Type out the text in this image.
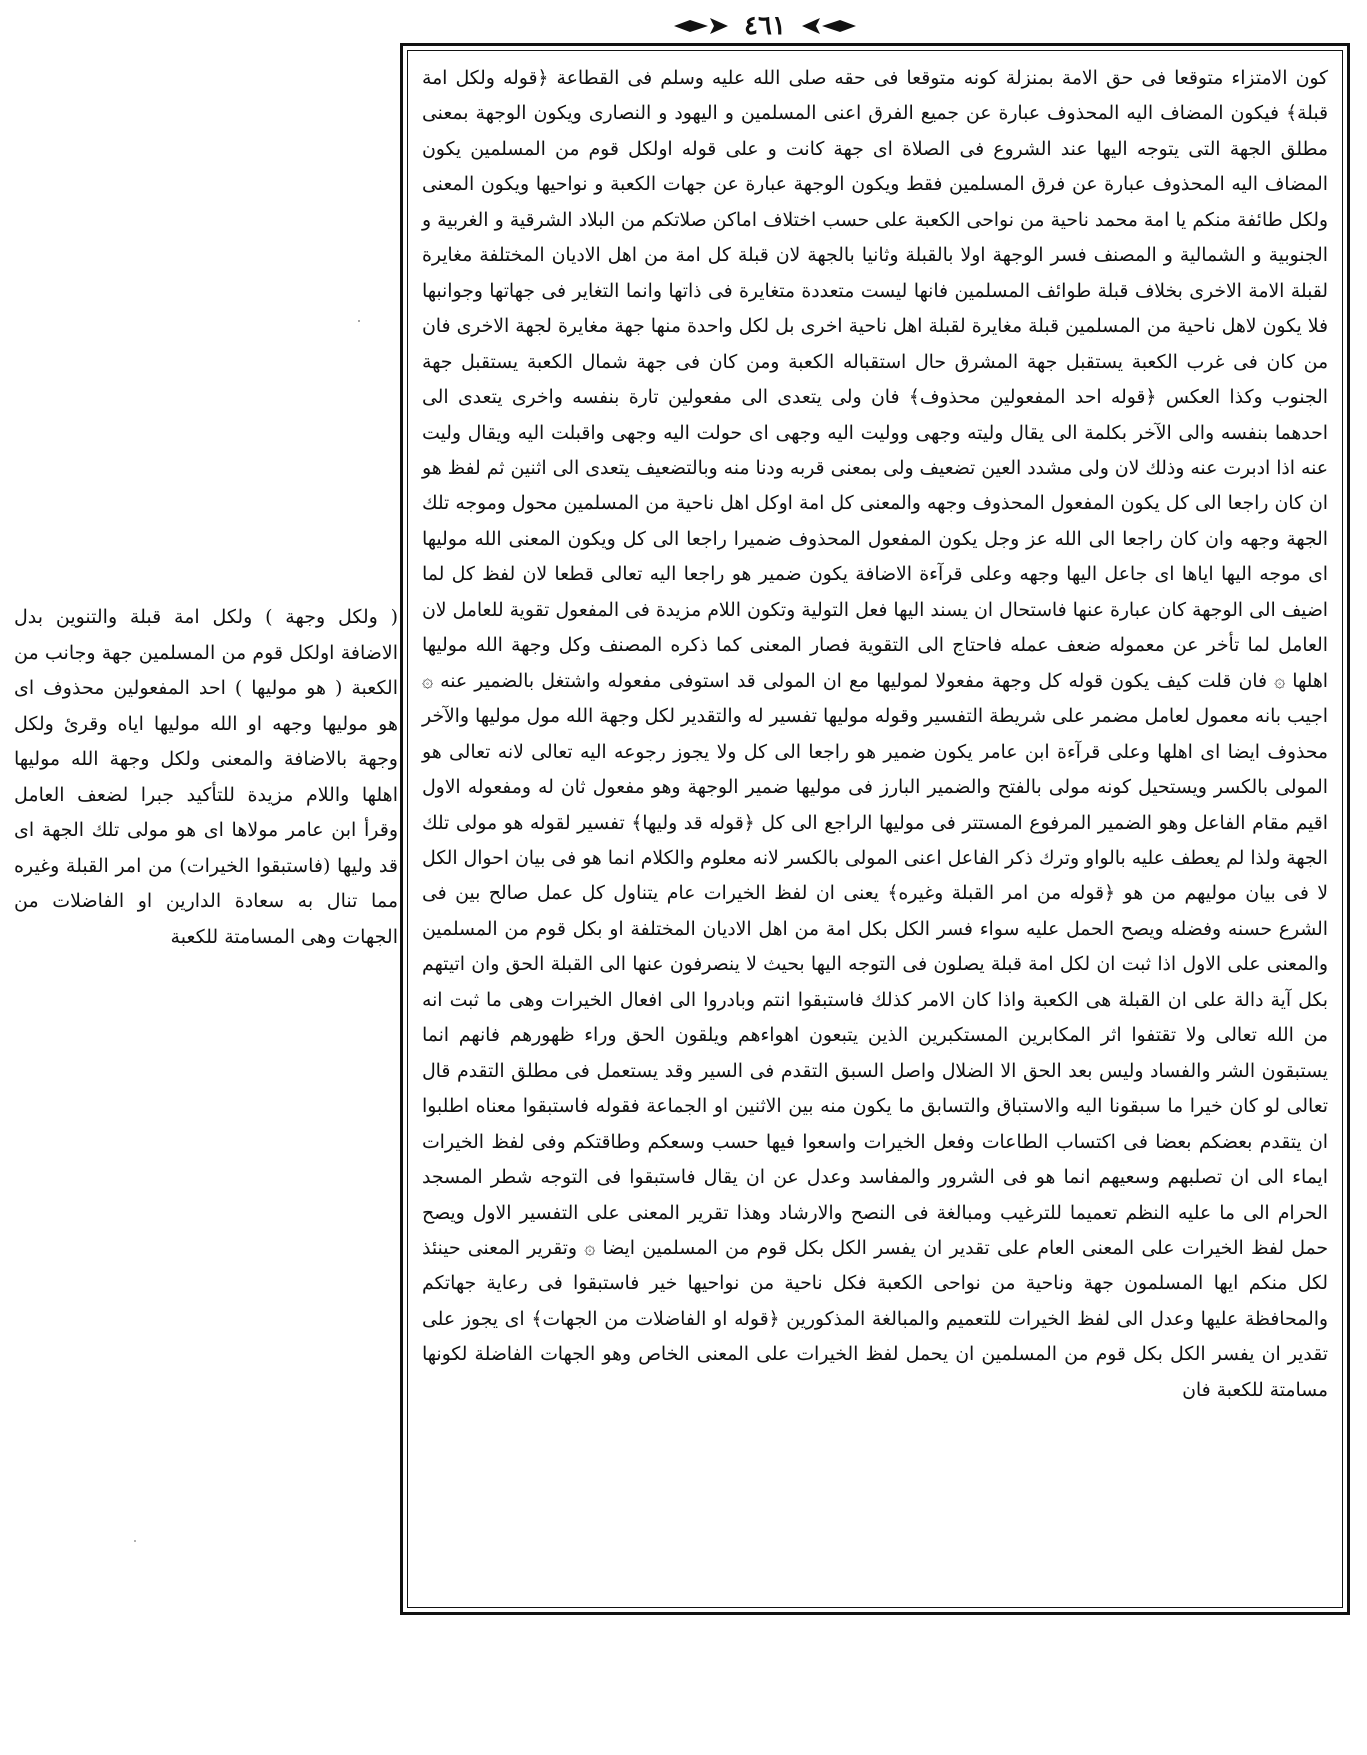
٤٦١

كون الامتزاء متوقعا فى حق الامة بمنزلة كونه متوقعا فى حقه صلى الله عليه وسلم فى القطاعة ﴿قوله ولكل امة قبلة﴾ فيكون المضاف اليه المحذوف عبارة عن جميع الفرق اعنى المسلمين و اليهود و النصارى ويكون الوجهة بمعنى مطلق الجهة التى يتوجه اليها عند الشروع فى الصلاة اى جهة كانت و على قوله اولكل قوم من المسلمين يكون المضاف اليه المحذوف عبارة عن فرق المسلمين فقط ويكون الوجهة عبارة عن جهات الكعبة و نواحيها ويكون المعنى ولكل طائفة منكم يا امة محمد ناحية من نواحى الكعبة على حسب اختلاف اماكن صلاتكم من البلاد الشرقية و الغربية و الجنوبية و الشمالية و المصنف فسر الوجهة اولا بالقبلة وثانيا بالجهة لان قبلة كل امة من اهل الاديان المختلفة مغايرة لقبلة الامة الاخرى بخلاف قبلة طوائف المسلمين فانها ليست متعددة متغايرة فى ذاتها وانما التغاير فى جهاتها وجوانبها فلا يكون لاهل ناحية من المسلمين قبلة مغايرة لقبلة اهل ناحية اخرى بل لكل واحدة منها جهة مغايرة لجهة الاخرى فان من كان فى غرب الكعبة يستقبل جهة المشرق حال استقباله الكعبة ومن كان فى جهة شمال الكعبة يستقبل جهة الجنوب وكذا العكس ﴿قوله احد المفعولين محذوف﴾ فان ولى يتعدى الى مفعولين تارة بنفسه واخرى يتعدى الى احدهما بنفسه والى الآخر بكلمة الى يقال وليته وجهى ووليت اليه وجهى اى حولت اليه وجهى واقبلت اليه ويقال وليت عنه اذا ادبرت عنه وذلك لان ولى مشدد العين تضعيف ولى بمعنى قربه ودنا منه وبالتضعيف يتعدى الى اثنين ثم لفظ هو ان كان راجعا الى كل يكون المفعول المحذوف وجهه والمعنى كل امة اوكل اهل ناحية من المسلمين محول وموجه تلك الجهة وجهه وان كان راجعا الى الله عز وجل يكون المفعول المحذوف ضميرا راجعا الى كل ويكون المعنى الله موليها اى موجه اليها اياها اى جاعل اليها وجهه وعلى قرآءة الاضافة يكون ضمير هو راجعا اليه تعالى قطعا لان لفظ كل لما اضيف الى الوجهة كان عبارة عنها فاستحال ان يسند اليها فعل التولية وتكون اللام مزيدة فى المفعول تقوية للعامل لان العامل لما تأخر عن معموله ضعف عمله فاحتاج الى التقوية فصار المعنى كما ذكره المصنف وكل وجهة الله موليها اهلها ۞ فان قلت كيف يكون قوله كل وجهة مفعولا لموليها مع ان المولى قد استوفى مفعوله واشتغل بالضمير عنه ۞ اجيب بانه معمول لعامل مضمر على شريطة التفسير وقوله موليها تفسير له والتقدير لكل وجهة الله مول موليها والآخر محذوف ايضا اى اهلها وعلى قرآءة ابن عامر يكون ضمير هو راجعا الى كل ولا يجوز رجوعه اليه تعالى لانه تعالى هو المولى بالكسر ويستحيل كونه مولى بالفتح والضمير البارز فى موليها ضمير الوجهة وهو مفعول ثان له ومفعوله الاول اقيم مقام الفاعل وهو الضمير المرفوع المستتر فى موليها الراجع الى كل ﴿قوله قد وليها﴾ تفسير لقوله هو مولى تلك الجهة ولذا لم يعطف عليه بالواو وترك ذكر الفاعل اعنى المولى بالكسر لانه معلوم والكلام انما هو فى بيان احوال الكل لا فى بيان موليهم من هو ﴿قوله من امر القبلة وغيره﴾ يعنى ان لفظ الخيرات عام يتناول كل عمل صالح بين فى الشرع حسنه وفضله ويصح الحمل عليه سواء فسر الكل بكل امة من اهل الاديان المختلفة او بكل قوم من المسلمين والمعنى على الاول اذا ثبت ان لكل امة قبلة يصلون فى التوجه اليها بحيث لا ينصرفون عنها الى القبلة الحق وان اتيتهم بكل آية دالة على ان القبلة هى الكعبة واذا كان الامر كذلك فاستبقوا انتم وبادروا الى افعال الخيرات وهى ما ثبت انه من الله تعالى ولا تقتفوا اثر المكابرين المستكبرين الذين يتبعون اهواءهم ويلقون الحق وراء ظهورهم فانهم انما يستبقون الشر والفساد وليس بعد الحق الا الضلال واصل السبق التقدم فى السير وقد يستعمل فى مطلق التقدم قال تعالى لو كان خيرا ما سبقونا اليه والاستباق والتسابق ما يكون منه بين الاثنين او الجماعة فقوله فاستبقوا معناه اطلبوا ان يتقدم بعضكم بعضا فى اكتساب الطاعات وفعل الخيرات واسعوا فيها حسب وسعكم وطاقتكم وفى لفظ الخيرات ايماء الى ان تصلبهم وسعيهم انما هو فى الشرور والمفاسد وعدل عن ان يقال فاستبقوا فى التوجه شطر المسجد الحرام الى ما عليه النظم تعميما للترغيب ومبالغة فى النصح والارشاد وهذا تقرير المعنى على التفسير الاول ويصح حمل لفظ الخيرات على المعنى العام على تقدير ان يفسر الكل بكل قوم من المسلمين ايضا ۞ وتقرير المعنى حينئذ لكل منكم ايها المسلمون جهة وناحية من نواحى الكعبة فكل ناحية من نواحيها خير فاستبقوا فى رعاية جهاتكم والمحافظة عليها وعدل الى لفظ الخيرات للتعميم والمبالغة المذكورين ﴿قوله او الفاضلات من الجهات﴾ اى يجوز على تقدير ان يفسر الكل بكل قوم من المسلمين ان يحمل لفظ الخيرات على المعنى الخاص وهو الجهات الفاضلة لكونها مسامتة للكعبة فان

( ولكل وجهة ) ولكل امة قبلة والتنوين بدل الاضافة اولكل قوم من المسلمين جهة وجانب من الكعبة ( هو موليها ) احد المفعولين محذوف اى هو موليها وجهه او الله موليها اياه وقرئ ولكل وجهة بالاضافة والمعنى ولكل وجهة الله موليها اهلها واللام مزيدة للتأكيد جبرا لضعف العامل وقرأ ابن عامر مولاها اى هو مولى تلك الجهة اى قد وليها (فاستبقوا الخيرات) من امر القبلة وغيره مما تنال به سعادة الدارين او الفاضلات من الجهات وهى المسامتة للكعبة
